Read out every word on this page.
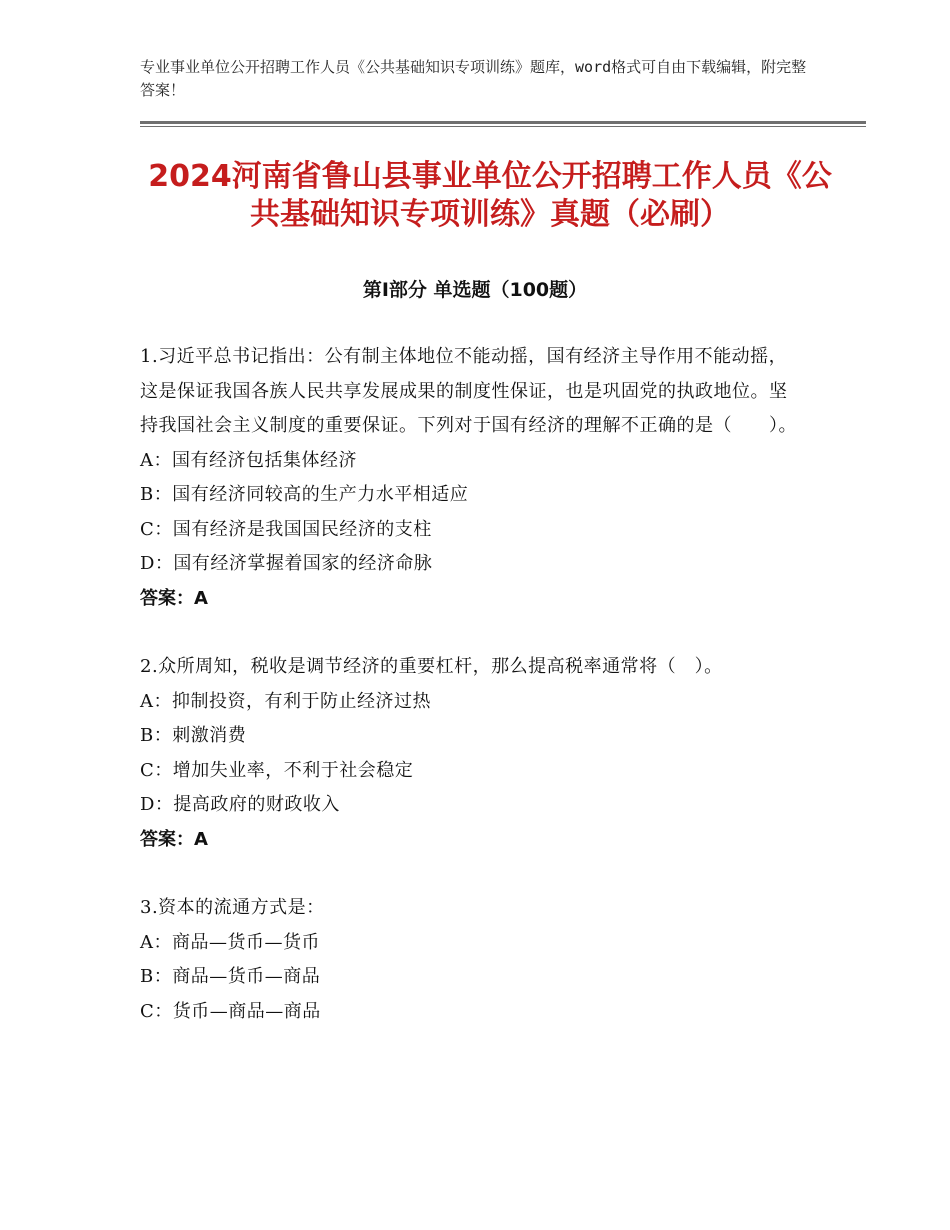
专业事业单位公开招聘工作人员《公共基础知识专项训练》题库，word格式可自由下载编辑，附完整答案！
2024河南省鲁山县事业单位公开招聘工作人员《公共基础知识专项训练》真题（必刷）
第I部分 单选题（100题）
1.习近平总书记指出：公有制主体地位不能动摇，国有经济主导作用不能动摇，这是保证我国各族人民共享发展成果的制度性保证，也是巩固党的执政地位。坚持我国社会主义制度的重要保证。下列对于国有经济的理解不正确的是（　　）。
A：国有经济包括集体经济
B：国有经济同较高的生产力水平相适应
C：国有经济是我国国民经济的支柱
D：国有经济掌握着国家的经济命脉
答案：A
2.众所周知，税收是调节经济的重要杠杆，那么提高税率通常将（　）。
A：抑制投资，有利于防止经济过热
B：刺激消费
C：增加失业率，不利于社会稳定
D：提高政府的财政收入
答案：A
3.资本的流通方式是：
A：商品—货币—货币
B：商品—货币—商品
C：货币—商品—商品
